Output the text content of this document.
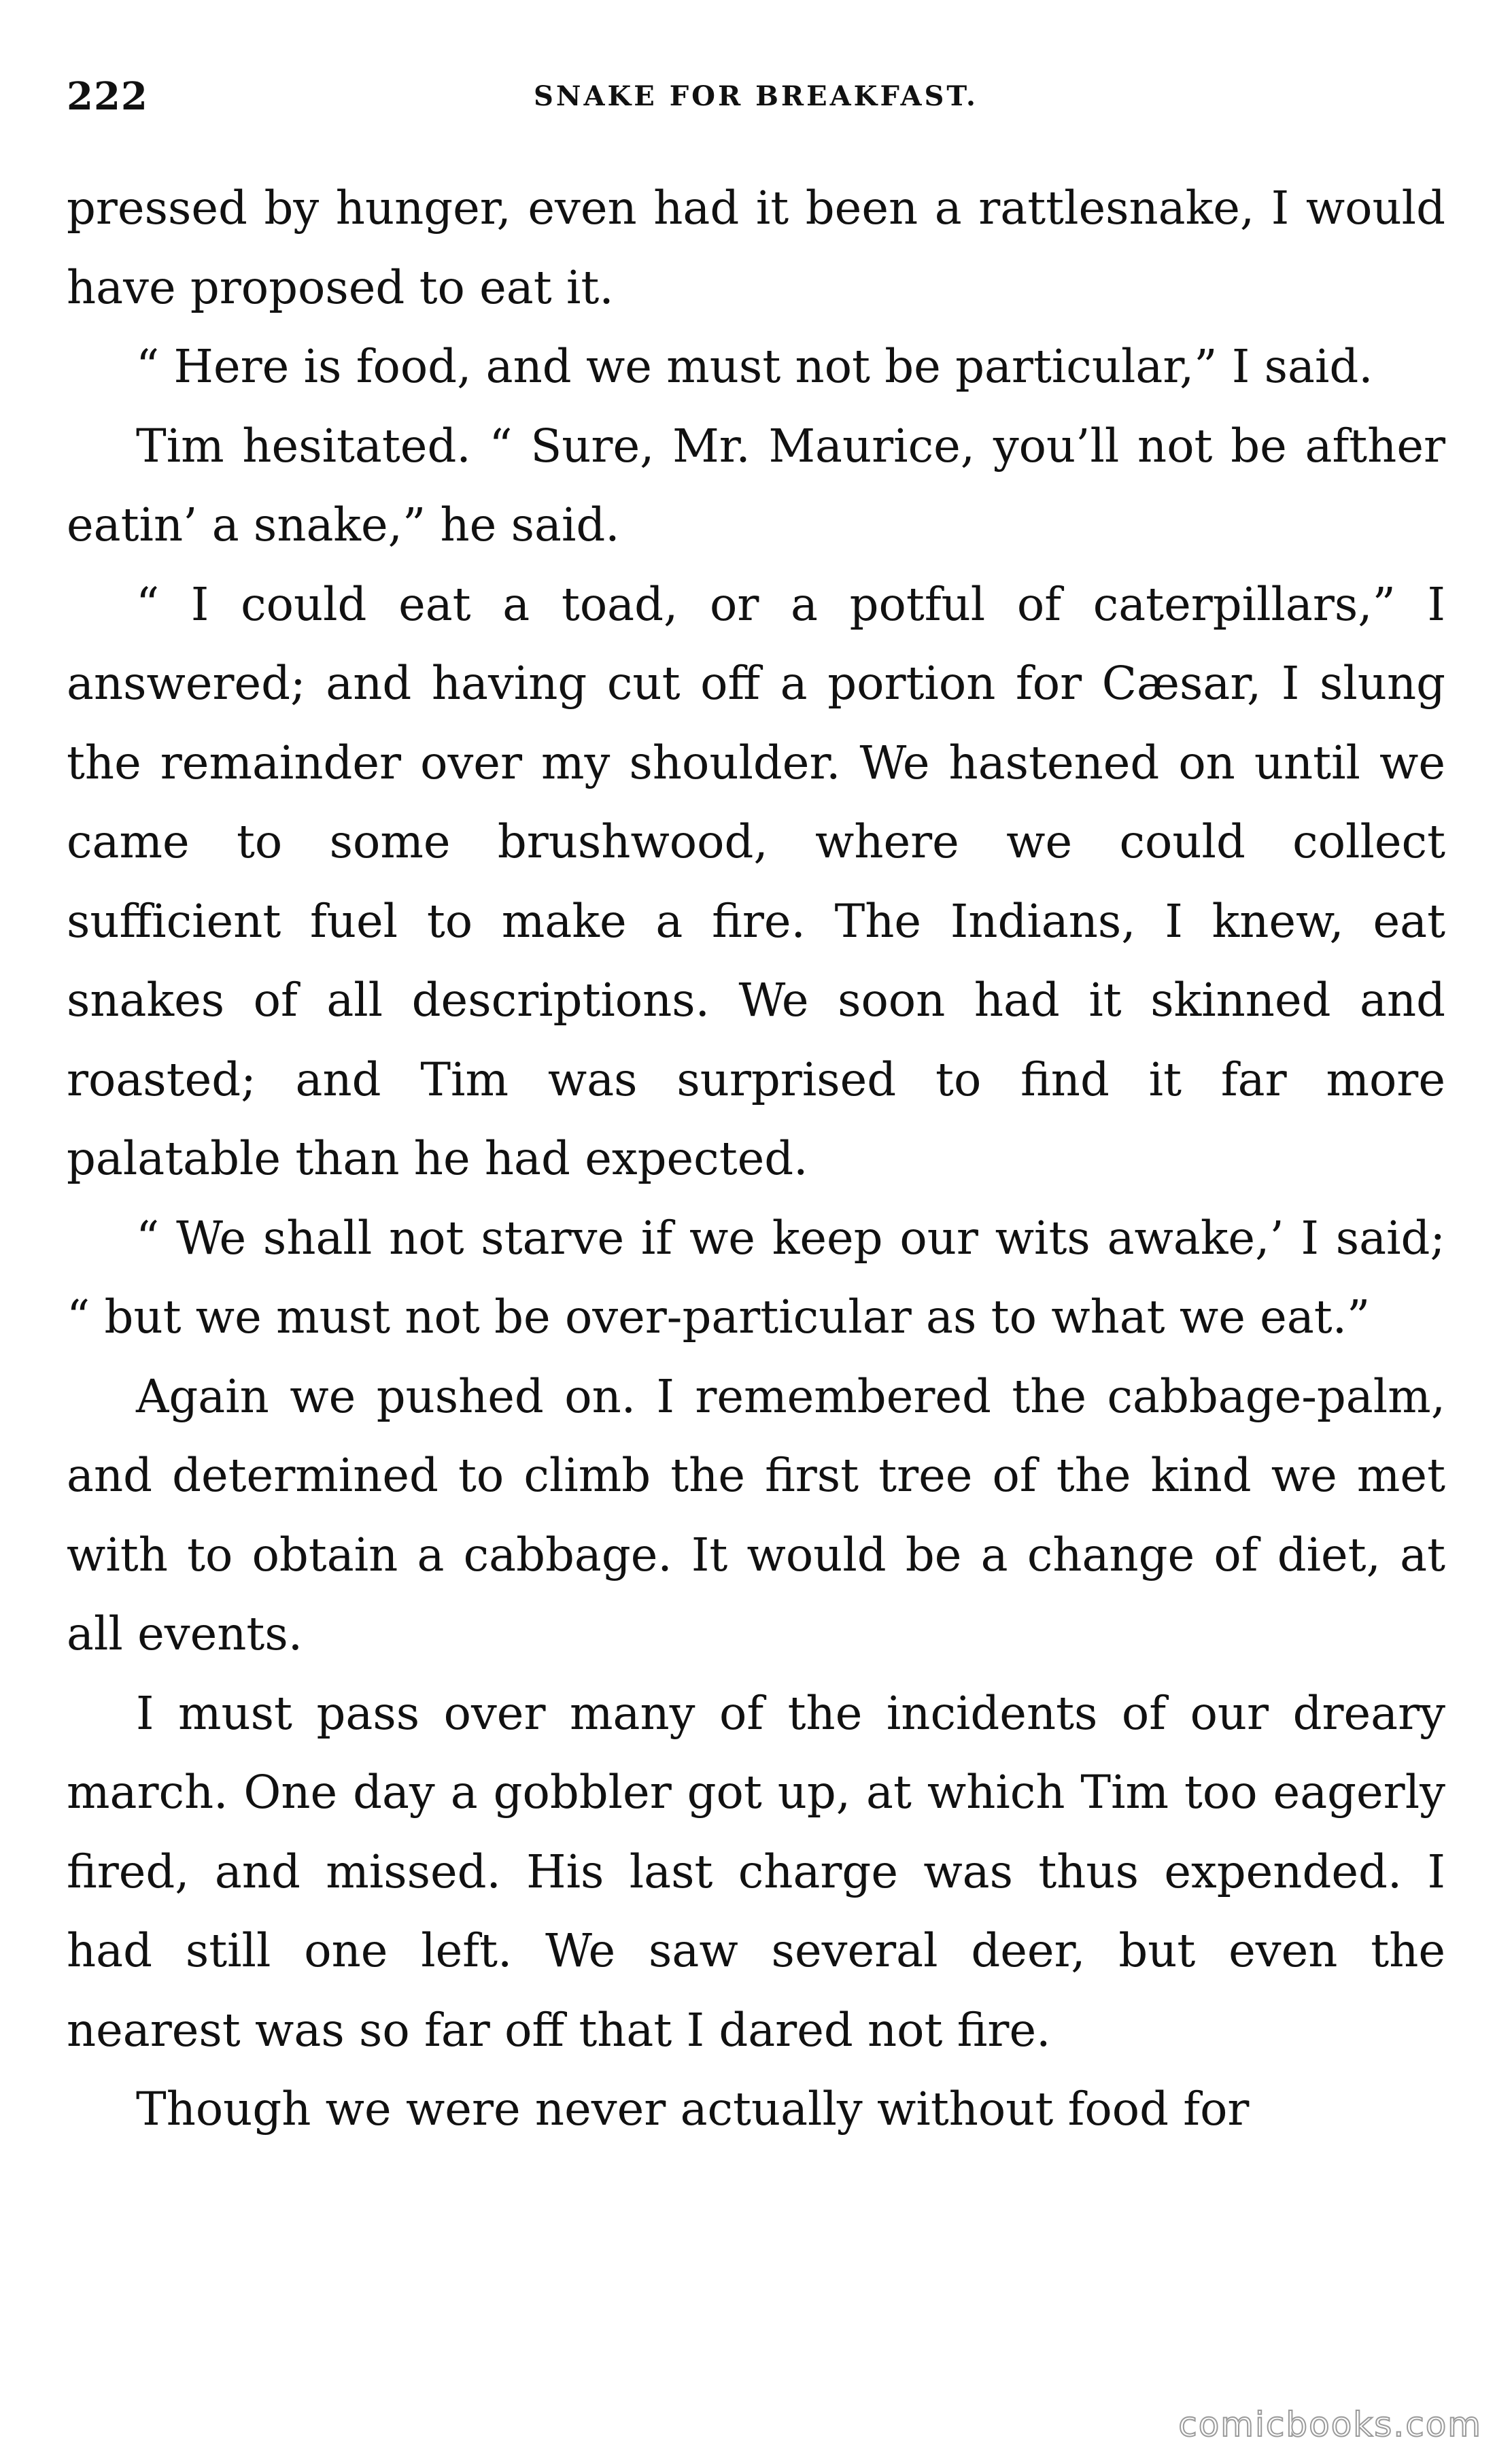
222	SNAKE FOR BREAKFAST.

pressed by hunger, even had it been a rattlesnake, I would have proposed to eat it.

“ Here is food, and we must not be particular,” I said.

Tim hesitated. “ Sure, Mr. Maurice, you’ll not be afther eatin’ a snake,” he said.

“ I could eat a toad, or a potful of caterpillars,” I answered; and having cut off a portion for Cæsar, I slung the remainder over my shoulder. We hastened on until we came to some brushwood, where we could collect sufficient fuel to make a fire. The Indians, I knew, eat snakes of all descriptions. We soon had it skinned and roasted; and Tim was surprised to find it far more palatable than he had expected.

“ We shall not starve if we keep our wits awake,’ I said; “ but we must not be over-particular as to what we eat.”

Again we pushed on. I remembered the cabbage-palm, and determined to climb the first tree of the kind we met with to obtain a cabbage. It would be a change of diet, at all events.

I must pass over many of the incidents of our dreary march. One day a gobbler got up, at which Tim too eagerly fired, and missed. His last charge was thus expended. I had still one left. We saw several deer, but even the nearest was so far off that I dared not fire.

Though we were never actually without food for

comicbooks.com
